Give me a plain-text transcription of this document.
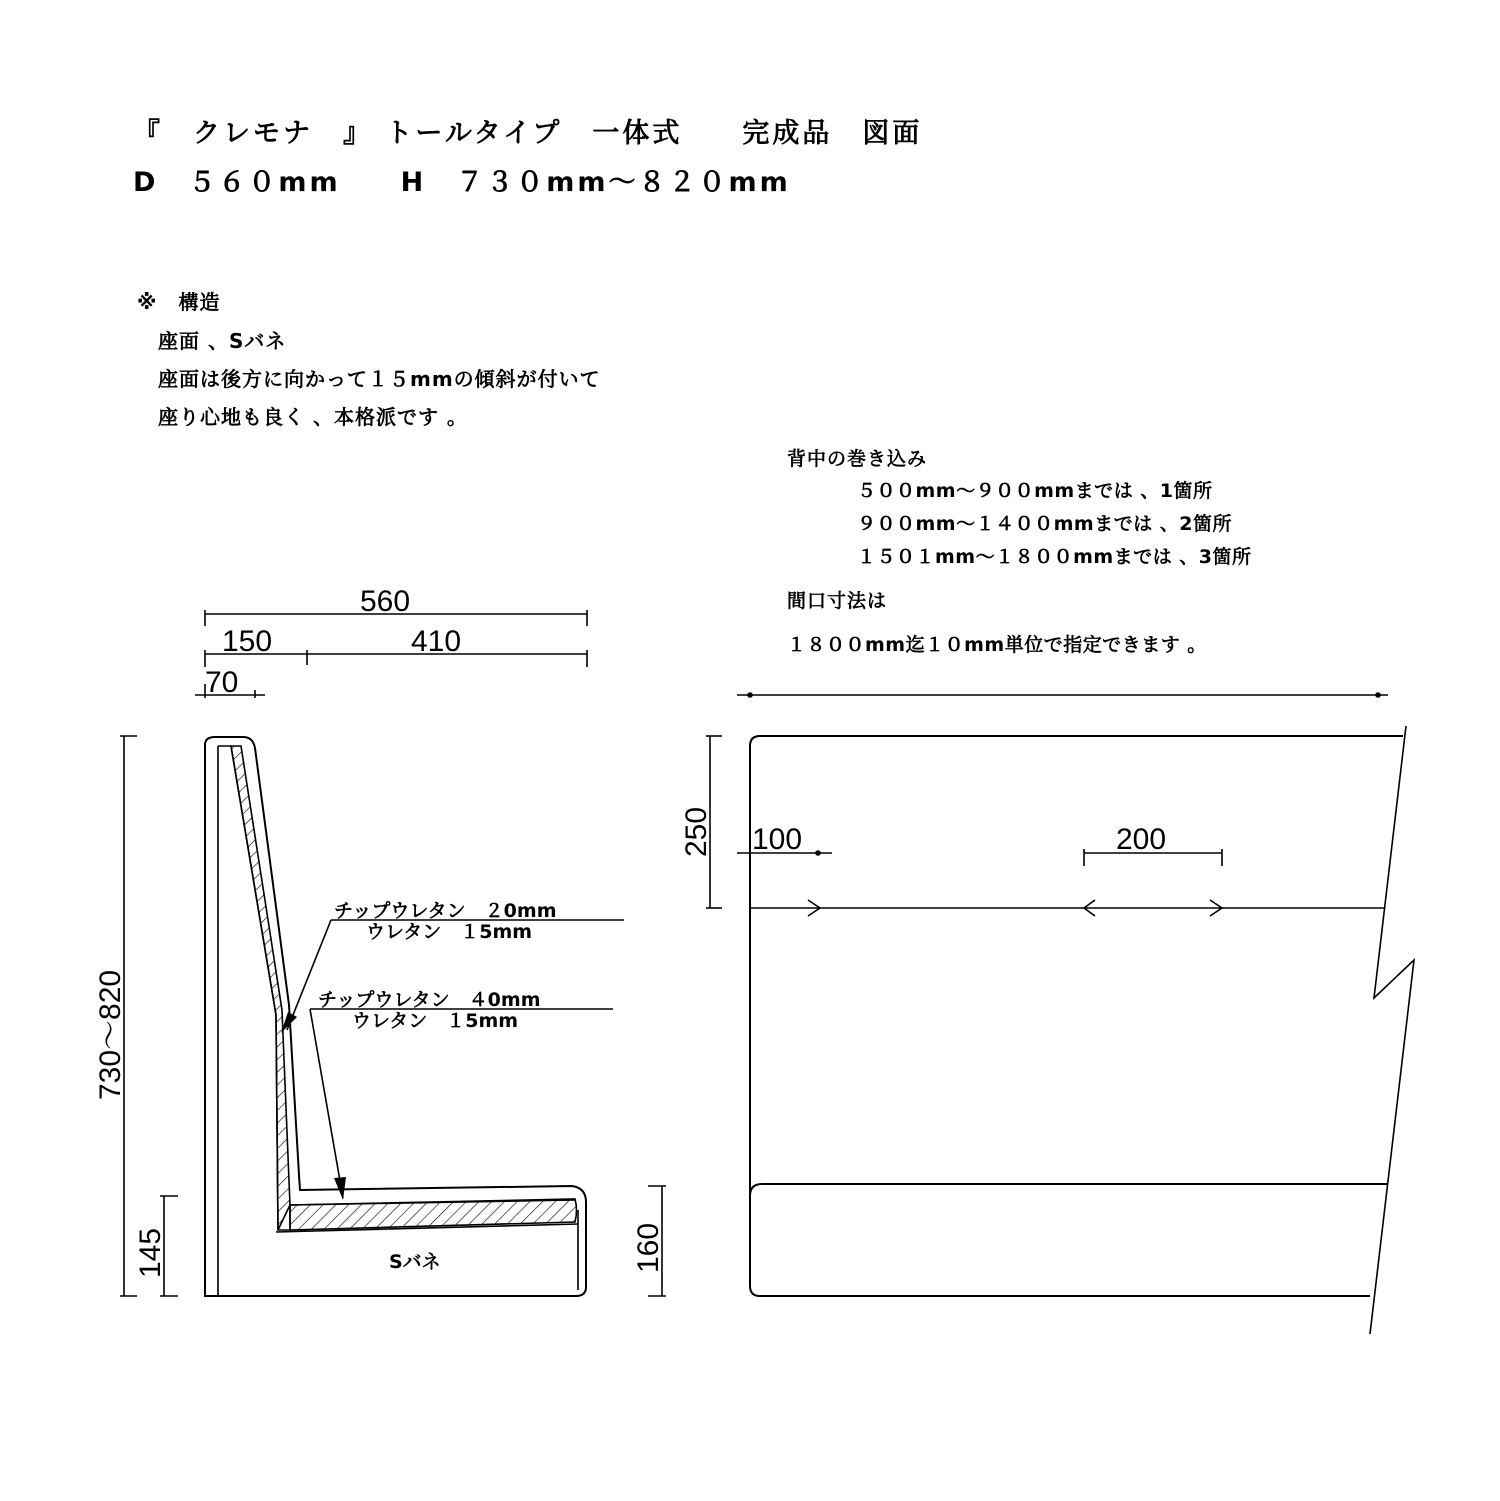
『　クレモナ　』 トールタイプ　一体式　　完成品　図面
D　５６０mm　　H　７３０mm～８２０mm
※　構造
座面 、Sバネ
座面は後方に向かって１５mmの傾斜が付いて
座り心地も良く 、本格派です 。
背中の巻き込み
５００mm～９００mmまでは 、1箇所
９００mm～１４００mmまでは 、2箇所
１５０１mm～１８００mmまでは 、3箇所
間口寸法は
１８００mm迄１０mm単位で指定できます 。
560
150	410
70
730～820
145	160
チップウレタン　２0mm
ウレタン　１5mm
チップウレタン　４0mm
ウレタン　１5mm
Sバネ
250 100	200
